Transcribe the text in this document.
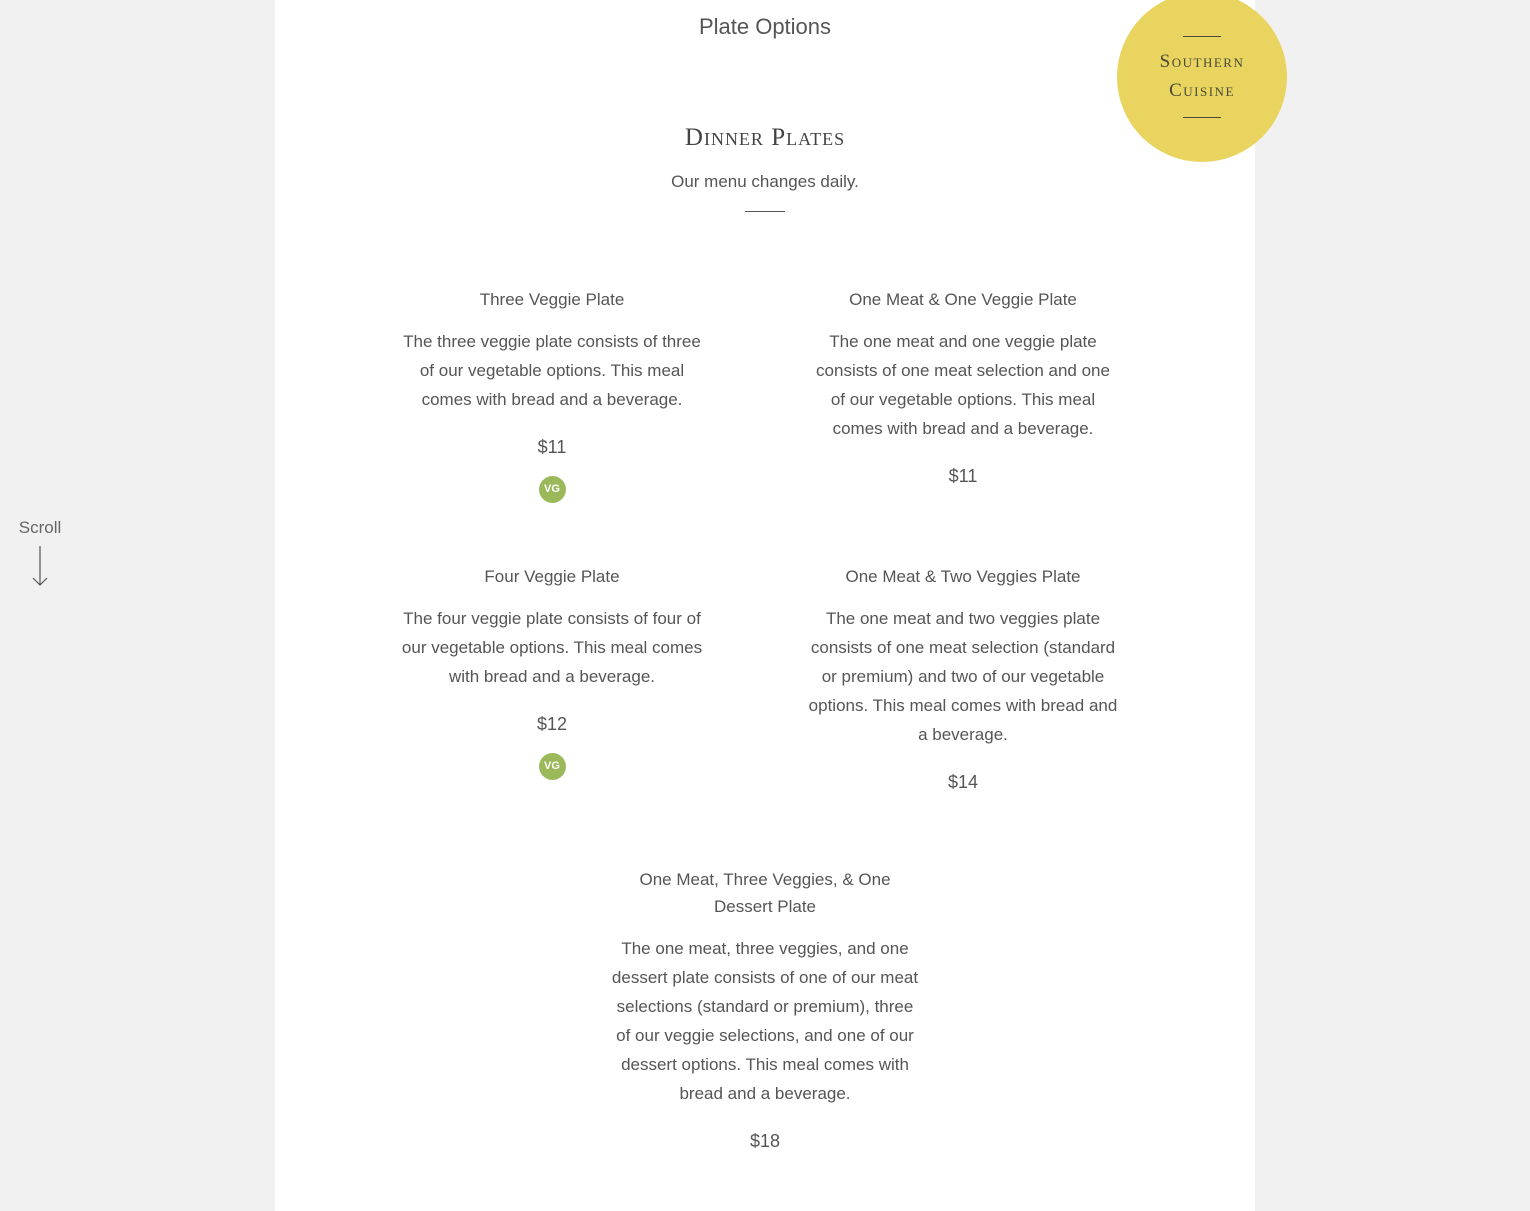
Scroll
Plate Options
Dinner Plates
Our menu changes daily.
Three Veggie Plate
The three veggie plate consists of three of our vegetable options. This meal comes with bread and a beverage.
$11
VG
One Meat & One Veggie Plate
The one meat and one veggie plate consists of one meat selection and one of our vegetable options. This meal comes with bread and a beverage.
$11
Four Veggie Plate
The four veggie plate consists of four of our vegetable options. This meal comes with bread and a beverage.
$12
VG
One Meat & Two Veggies Plate
The one meat and two veggies plate consists of one meat selection (standard or premium) and two of our vegetable options. This meal comes with bread and a beverage.
$14
One Meat, Three Veggies, & One Dessert Plate
The one meat, three veggies, and one dessert plate consists of one of our meat selections (standard or premium), three of our veggie selections, and one of our dessert options. This meal comes with bread and a beverage.
$18
Southern
Cuisine
